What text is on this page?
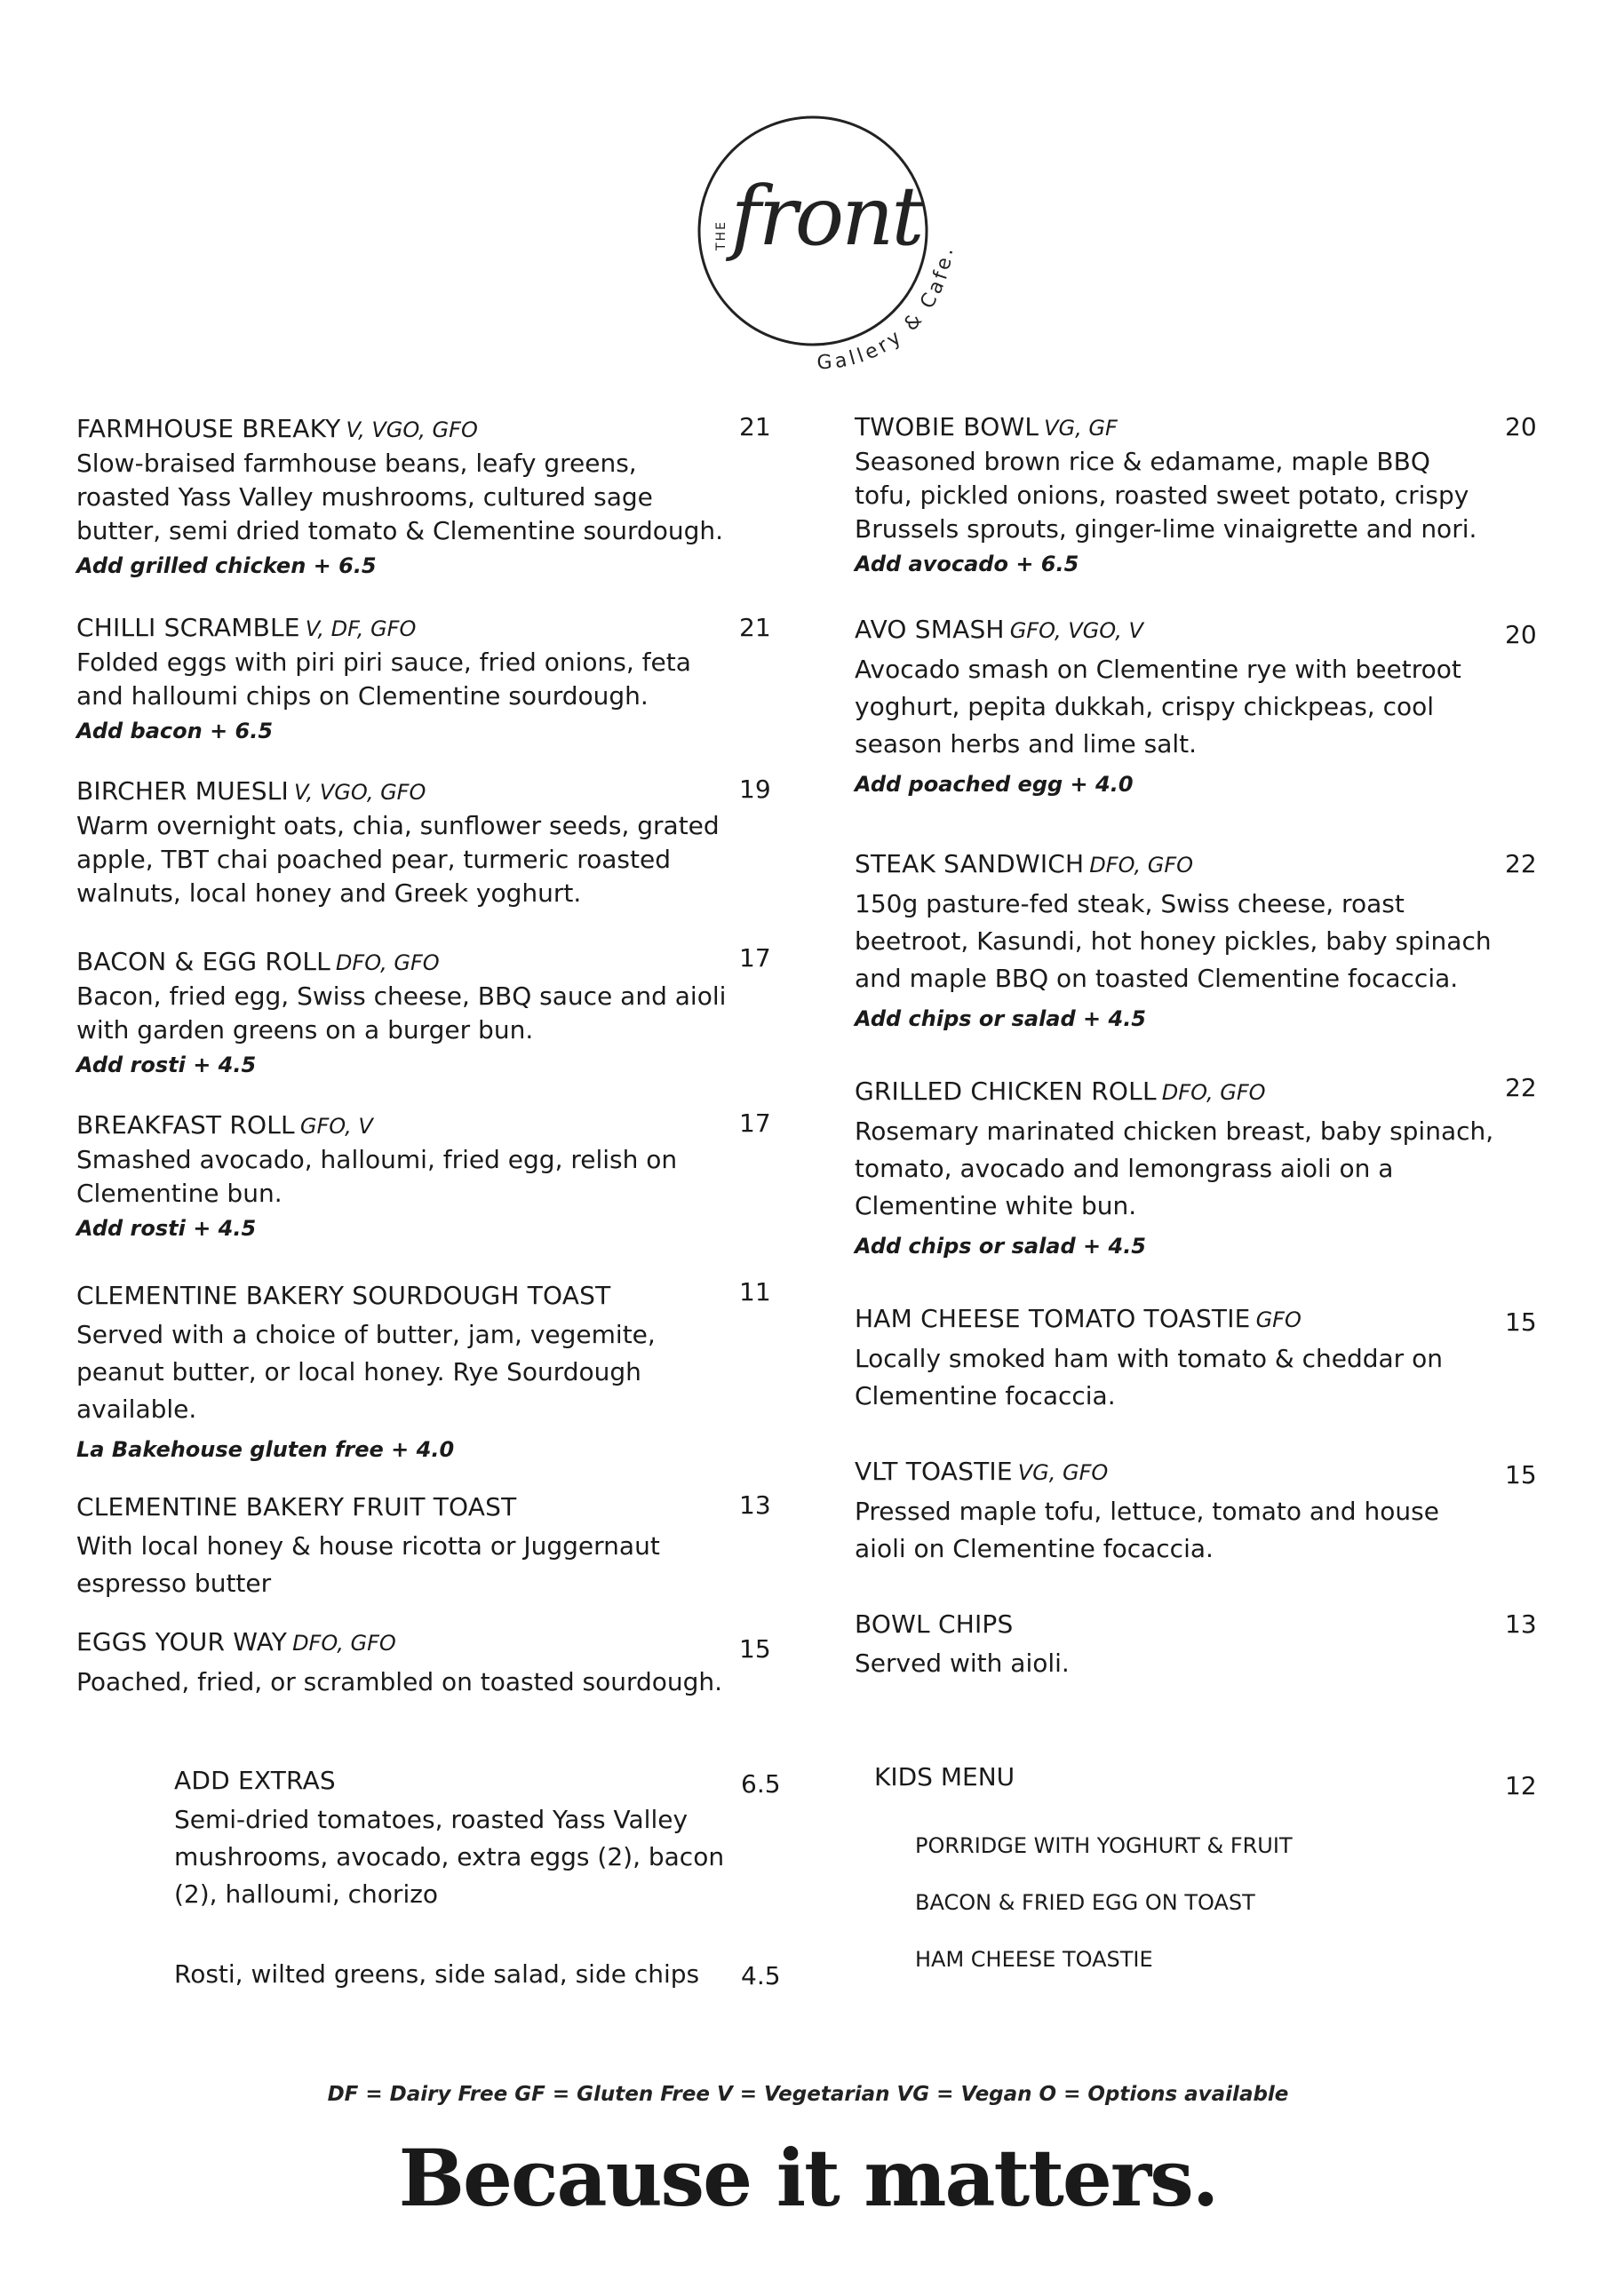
THE front
Gallery & Cafe.
FARMHOUSE BREAKY V, VGO, GFO
Slow-braised farmhouse beans, leafy greens, roasted Yass Valley mushrooms, cultured sage butter, semi dried tomato & Clementine sourdough.
Add grilled chicken + 6.5
21
CHILLI SCRAMBLE V, DF, GFO
Folded eggs with piri piri sauce, fried onions, feta and halloumi chips on Clementine sourdough.
Add bacon + 6.5
21
BIRCHER MUESLI V, VGO, GFO
Warm overnight oats, chia, sunflower seeds, grated apple, TBT chai poached pear, turmeric roasted walnuts, local honey and Greek yoghurt.
19
BACON & EGG ROLL DFO, GFO
Bacon, fried egg, Swiss cheese, BBQ sauce and aioli with garden greens on a burger bun.
Add rosti + 4.5
17
BREAKFAST ROLL GFO, V
Smashed avocado, halloumi, fried egg, relish on Clementine bun.
Add rosti + 4.5
17
CLEMENTINE BAKERY SOURDOUGH TOAST
Served with a choice of butter, jam, vegemite, peanut butter, or local honey. Rye Sourdough available.
La Bakehouse gluten free + 4.0
11
CLEMENTINE BAKERY FRUIT TOAST
With local honey & house ricotta or Juggernaut espresso butter
13
EGGS YOUR WAY DFO, GFO
Poached, fried, or scrambled on toasted sourdough.
15
TWOBIE BOWL VG, GF
Seasoned brown rice & edamame, maple BBQ tofu, pickled onions, roasted sweet potato, crispy Brussels sprouts, ginger-lime vinaigrette and nori.
Add avocado + 6.5
20
AVO SMASH GFO, VGO, V
Avocado smash on Clementine rye with beetroot yoghurt, pepita dukkah, crispy chickpeas, cool season herbs and lime salt.
Add poached egg + 4.0
20
STEAK SANDWICH DFO, GFO
150g pasture-fed steak, Swiss cheese, roast beetroot, Kasundi, hot honey pickles, baby spinach and maple BBQ on toasted Clementine focaccia.
Add chips or salad + 4.5
22
GRILLED CHICKEN ROLL DFO, GFO
Rosemary marinated chicken breast, baby spinach, tomato, avocado and lemongrass aioli on a Clementine white bun.
Add chips or salad + 4.5
22
HAM CHEESE TOMATO TOASTIE GFO
Locally smoked ham with tomato & cheddar on Clementine focaccia.
15
VLT TOASTIE VG, GFO
Pressed maple tofu, lettuce, tomato and house aioli on Clementine focaccia.
15
BOWL CHIPS
Served with aioli.
13
ADD EXTRAS
Semi-dried tomatoes, roasted Yass Valley mushrooms, avocado, extra eggs (2), bacon (2), halloumi, chorizo
6.5
Rosti, wilted greens, side salad, side chips 4.5
KIDS MENU	12
PORRIDGE WITH YOGHURT & FRUIT
BACON & FRIED EGG ON TOAST
HAM CHEESE TOASTIE
DF = Dairy Free GF = Gluten Free V = Vegetarian VG = Vegan O = Options available
Because it matters.
